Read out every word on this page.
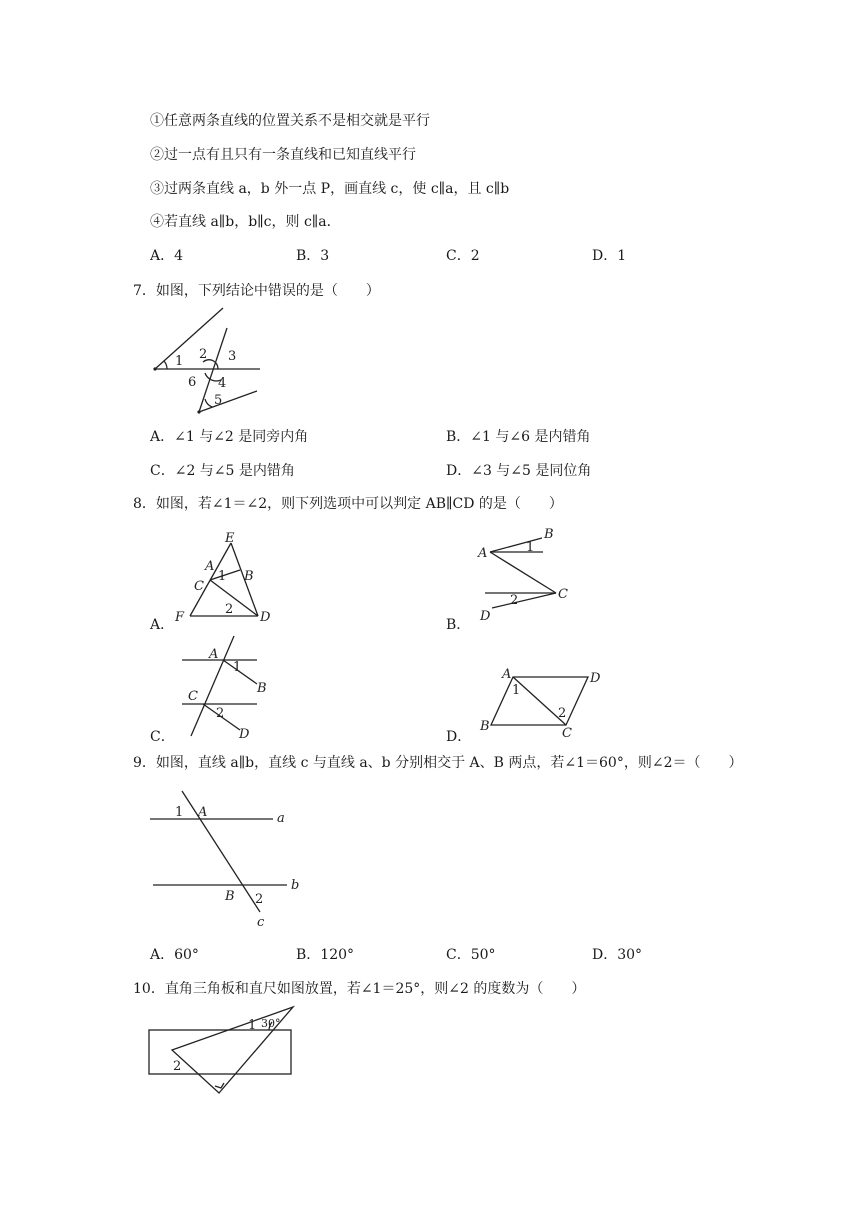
①任意两条直线的位置关系不是相交就是平行
②过一点有且只有一条直线和已知直线平行
③过两条直线 a，b 外一点 P，画直线 c，使 c∥a，且 c∥b
④若直线 a∥b，b∥c，则 c∥a．
A．4	B．3	C．2	D．1
7．如图，下列结论中错误的是（　　）
1 2 3
6 4
5
A．∠1 与∠2 是同旁内角	B．∠1 与∠6 是内错角
C．∠2 与∠5 是内错角	D．∠3 与∠5 是同位角
8．如图，若∠1＝∠2，则下列选项中可以判定 AB∥CD 的是（　　）
A．
E
A
1 B
C
2
F	D	B．
B
A	1
C
2
D
C．
A
1
B
C
2
D	D．
A	D
1
2
B	C
9．如图，直线 a∥b，直线 c 与直线 a、b 分别相交于 A、B 两点，若∠1＝60°，则∠2＝（　　）
1 A	a
B 2
b
c
A．60°	B．120°	C．50°	D．30°
10．直角三角板和直尺如图放置，若∠1＝25°，则∠2 的度数为（　　）
1 30°
2
